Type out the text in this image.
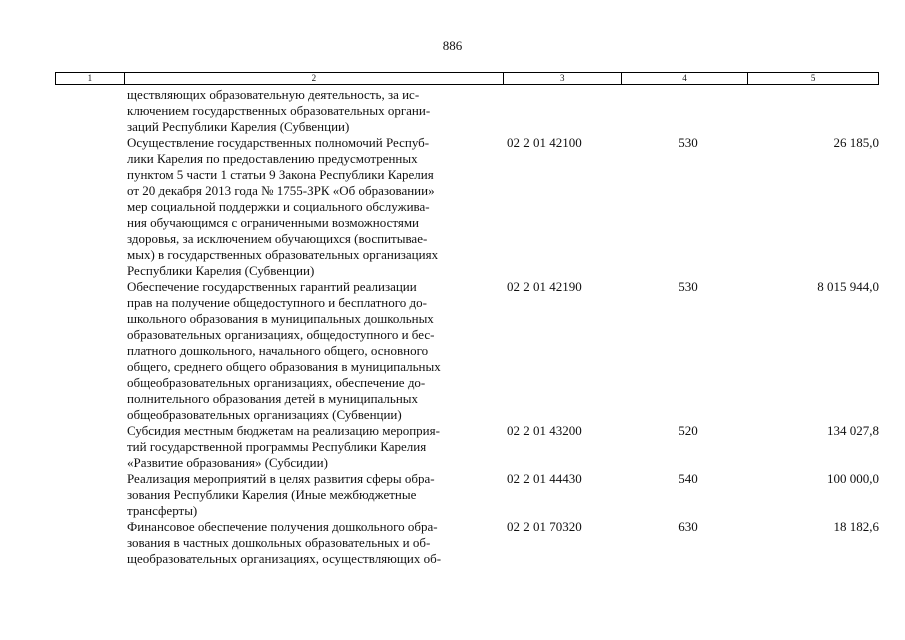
886
1	2	3	4	5
ществляющих образовательную деятельность, за ис-
ключением государственных образовательных органи-
заций Республики Карелия (Субвенции)
Осуществление государственных полномочий Респуб-
лики Карелия по предоставлению предусмотренных
пунктом 5 части 1 статьи 9 Закона Республики Карелия
от 20 декабря 2013 года № 1755-ЗРК «Об образовании»
мер социальной поддержки и социального обслужива-
ния обучающимся с ограниченными возможностями
здоровья, за исключением обучающихся (воспитывае-
мых) в государственных образовательных организациях
Республики Карелия (Субвенции)
02 2 01 42100	530	26 185,0
Обеспечение государственных гарантий реализации
прав на получение общедоступного и бесплатного до-
школьного образования в муниципальных дошкольных
образовательных организациях, общедоступного и бес-
платного дошкольного, начального общего, основного
общего, среднего общего образования в муниципальных
общеобразовательных организациях, обеспечение до-
полнительного образования детей в муниципальных
общеобразовательных организациях (Субвенции)
02 2 01 42190	530	8 015 944,0
Субсидия местным бюджетам на реализацию мероприя-
тий государственной программы Республики Карелия
«Развитие образования» (Субсидии)
02 2 01 43200	520	134 027,8
Реализация мероприятий в целях развития сферы обра-
зования Республики Карелия (Иные межбюджетные
трансферты)
02 2 01 44430	540	100 000,0
Финансовое обеспечение получения дошкольного обра-
зования в частных дошкольных образовательных и об-
щеобразовательных организациях, осуществляющих об-
02 2 01 70320	630	18 182,6
